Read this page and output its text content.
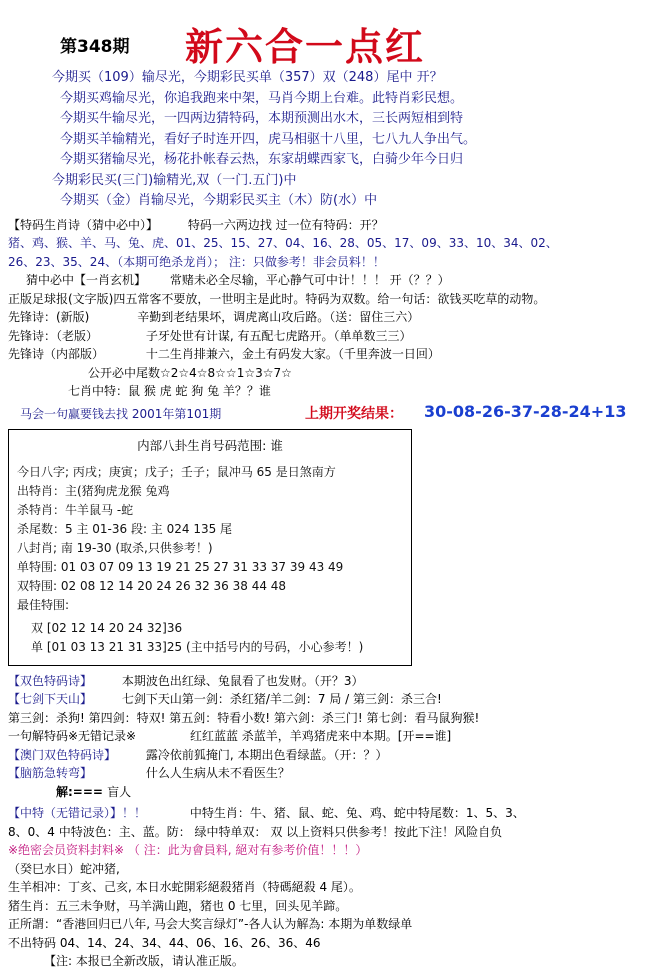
第348期 新六合一点红
今期买（109）输尽光，今期彩民买单（357）双（248）尾中 开？
今期买鸡输尽光，你追我跑来中架，马肖今期上台难。此特肖彩民想。
今期买牛输尽光，一四两边猜特码，本期预测出水木，三长两短相到特
今期买羊输精光，看好子时连开四，虎马相驱十八里，七八九人争出气。
今期买猪输尽光，杨花扑帐春云热，东家胡蝶西家飞，白骑少年今日归
今期彩民买(三门)输精光,双（一门.五门)中
今期买（金）肖输尽光，今期彩民买主（木）防(水）中
【特码生肖诗（猜中必中）】 特码一六两边找 过一位有特码：开？
猪、鸡、猴、羊、马、兔、虎、01、25、15、27、04、16、28、05、17、09、33、10、34、02、
26、23、35、24、（本期可绝杀龙肖）； 注：只做参考！非会员料！！
猜中必中【一肖玄机】 常赌未必全尽输，平心静气可中计！！！ 开（？？）
正版足球报(文字版)四五常客不要放，一世明主是此时。特码为双数。给一句话：欲钱买吃草的动物。
先锋诗：(新版)	辛勤到老结果坏，调虎离山攻后路。（送：留住三六）
先锋诗：（老版）	子牙处世有计谋, 有五配七虎路开。（单单数三三）
先锋诗（内部版）	十二生肖排兼六，金土有码发大家。（千里奔波一日回）
公开必中尾数☆2☆4☆8☆☆1☆3☆7☆
七肖中特：鼠 猴 虎 蛇 狗 兔 羊？？谁
马会一句赢要钱去找 2001年第101期	上期开奖结果： 30-08-26-37-28-24+13
内部八卦生肖号码范围: 谁
今日八字; 丙戌；庚寅；戊子；壬子；鼠冲马 65 是日煞南方
出特肖：主(猪狗虎龙猴 兔鸡
杀特肖：牛羊鼠马 -蛇
杀尾数：5 主 01-36 段: 主 024 135 尾
八封肖; 南 19-30 (取杀,只供参考！)
单特围: 01 03 07 09 13 19 21 25 27 31 33 37 39 43 49
双特围: 02 08 12 14 20 24 26 32 36 38 44 48
最佳特围:
双 [02 12 14 20 24 32]36
单 [01 03 13 21 31 33]25 (主中括号内的号码，小心参考！)
【双色特码诗】 本期波色出红绿、兔鼠看了也发财。（开？3）
【七剑下天山】 七剑下天山第一剑：杀红猪/羊二剑：7 局 / 第三剑：杀三合!
第三剑：杀狗! 第四剑：特双! 第五剑：特看小数! 第六剑：杀三门! 第七剑：看马鼠狗猴!
一句解特码※无错记录※	红红蓝蓝 杀蓝羊，羊鸡猪虎来中本期。[开==谁]
【澳门双色特码诗】 露冷依前狐掩门, 本期出色看绿蓝。（开：？）
【脑筋急转弯】	什么人生病从未不看医生？
解:=== 盲人
【中特（无错记录）】！！	中特生肖：牛、猪、鼠、蛇、兔、鸡、蛇中特尾数：1、5、3、
8、0、4 中特波色：主、蓝。防： 绿中特单双： 双 以上资料只供参考！按此下注！风险自负
※绝密会员资料封料※ （ 注：此为會員料, 絕对有参考价值！！！）
（癸巳水日）蛇冲猪,
生羊相冲：丁亥、己亥, 本日水蛇開彩絕殺猪肖（特碼絕殺 4 尾）。
猪生肖：五三未争财，马羊满山跑，猪也 0 七里，回头见羊蹄。
正所謂：“香港回归已八年, 马会大奖言绿灯”-各人认为解為: 本期为单数绿单
不出特码 04、14、24、34、44、06、16、26、36、46
【注: 本报已全新改版，请认准正版。
